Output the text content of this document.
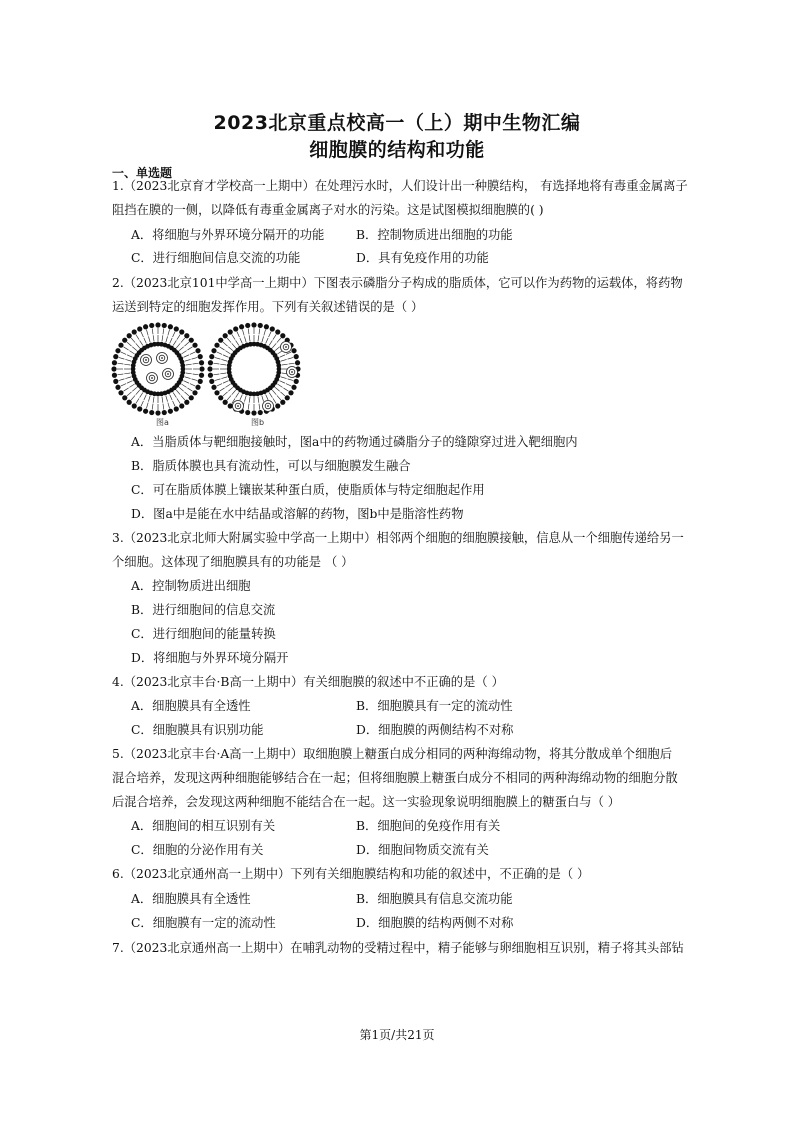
2023北京重点校高一（上）期中生物汇编
细胞膜的结构和功能
一、单选题
1.（2023北京育才学校高一上期中）在处理污水时，人们设计出一种膜结构， 有选择地将有毒重金属离子
阻挡在膜的一侧，以降低有毒重金属离子对水的污染。这是试图模拟细胞膜的( )
A．将细胞与外界环境分隔开的功能	B．控制物质进出细胞的功能
C．进行细胞间信息交流的功能	D．具有免疫作用的功能
2.（2023北京101中学高一上期中）下图表示磷脂分子构成的脂质体，它可以作为药物的运载体，将药物
运送到特定的细胞发挥作用。下列有关叙述错误的是（ ）
图a	图b
A．当脂质体与靶细胞接触时，图a中的药物通过磷脂分子的缝隙穿过进入靶细胞内
B．脂质体膜也具有流动性，可以与细胞膜发生融合
C．可在脂质体膜上镶嵌某种蛋白质，使脂质体与特定细胞起作用
D．图a中是能在水中结晶或溶解的药物，图b中是脂溶性药物
3.（2023北京北师大附属实验中学高一上期中）相邻两个细胞的细胞膜接触，信息从一个细胞传递给另一
个细胞。这体现了细胞膜具有的功能是 （ ）
A．控制物质进出细胞
B．进行细胞间的信息交流
C．进行细胞间的能量转换
D．将细胞与外界环境分隔开
4.（2023北京丰台·B高一上期中）有关细胞膜的叙述中不正确的是（ ）
A．细胞膜具有全透性	B．细胞膜具有一定的流动性
C．细胞膜具有识别功能	D．细胞膜的两侧结构不对称
5.（2023北京丰台·A高一上期中）取细胞膜上糖蛋白成分相同的两种海绵动物，将其分散成单个细胞后
混合培养，发现这两种细胞能够结合在一起；但将细胞膜上糖蛋白成分不相同的两种海绵动物的细胞分散
后混合培养，会发现这两种细胞不能结合在一起。这一实验现象说明细胞膜上的糖蛋白与（ ）
A．细胞间的相互识别有关	B．细胞间的免疫作用有关
C．细胞的分泌作用有关	D．细胞间物质交流有关
6.（2023北京通州高一上期中）下列有关细胞膜结构和功能的叙述中，不正确的是（ ）
A．细胞膜具有全透性	B．细胞膜具有信息交流功能
C．细胞膜有一定的流动性	D．细胞膜的结构两侧不对称
7.（2023北京通州高一上期中）在哺乳动物的受精过程中，精子能够与卵细胞相互识别，精子将其头部钻
第1页/共21页
